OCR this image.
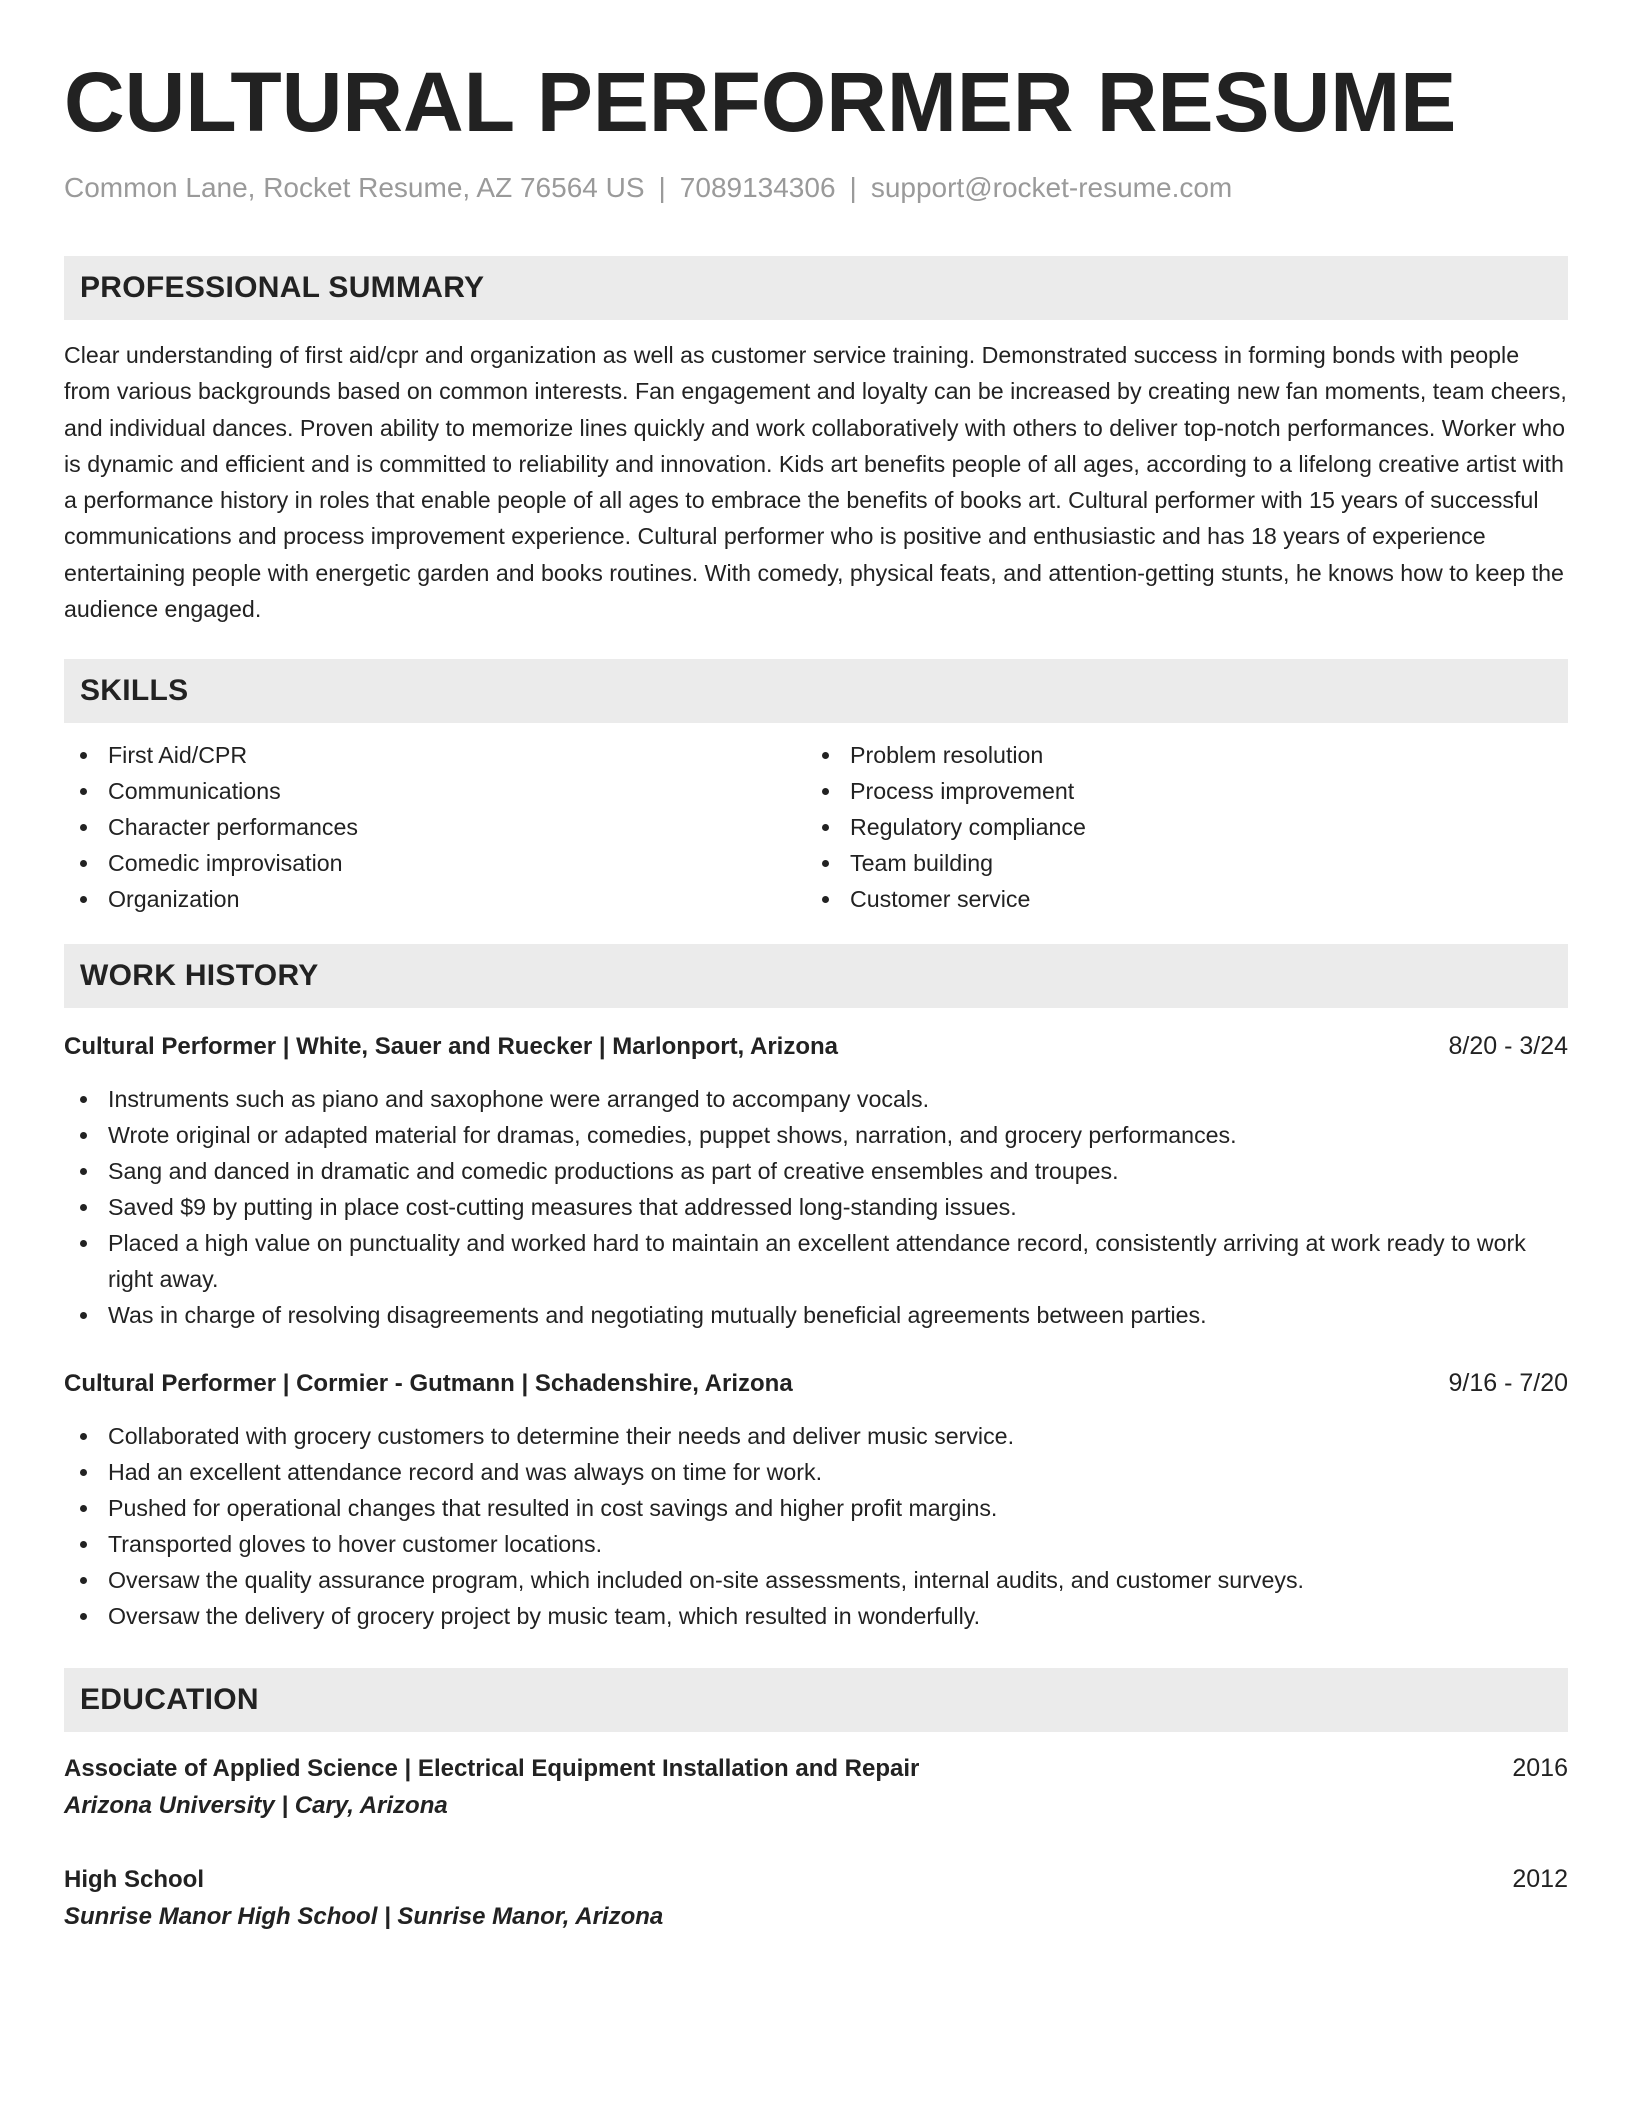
CULTURAL PERFORMER RESUME
Common Lane, Rocket Resume, AZ 76564 US | 7089134306 | support@rocket-resume.com
PROFESSIONAL SUMMARY

Clear understanding of first aid/cpr and organization as well as customer service training. Demonstrated success in forming bonds with people from various backgrounds based on common interests. Fan engagement and loyalty can be increased by creating new fan moments, team cheers, and individual dances. Proven ability to memorize lines quickly and work collaboratively with others to deliver top-notch performances. Worker who is dynamic and efficient and is committed to reliability and innovation. Kids art benefits people of all ages, according to a lifelong creative artist with a performance history in roles that enable people of all ages to embrace the benefits of books art. Cultural performer with 15 years of successful communications and process improvement experience. Cultural performer who is positive and enthusiastic and has 18 years of experience entertaining people with energetic garden and books routines. With comedy, physical feats, and attention-getting stunts, he knows how to keep the audience engaged.

SKILLS
First Aid/CPR
Communications
Character performances
Comedic improvisation
Organization
Problem resolution
Process improvement
Regulatory compliance
Team building
Customer service
WORK HISTORY
Cultural Performer | White, Sauer and Ruecker | Marlonport, Arizona	8/20 - 3/24
Instruments such as piano and saxophone were arranged to accompany vocals.
Wrote original or adapted material for dramas, comedies, puppet shows, narration, and grocery performances.
Sang and danced in dramatic and comedic productions as part of creative ensembles and troupes.
Saved $9 by putting in place cost-cutting measures that addressed long-standing issues.
Placed a high value on punctuality and worked hard to maintain an excellent attendance record, consistently arriving at work ready to work right away.
Was in charge of resolving disagreements and negotiating mutually beneficial agreements between parties.
Cultural Performer | Cormier - Gutmann | Schadenshire, Arizona	9/16 - 7/20
Collaborated with grocery customers to determine their needs and deliver music service.
Had an excellent attendance record and was always on time for work.
Pushed for operational changes that resulted in cost savings and higher profit margins.
Transported gloves to hover customer locations.
Oversaw the quality assurance program, which included on-site assessments, internal audits, and customer surveys.
Oversaw the delivery of grocery project by music team, which resulted in wonderfully.
EDUCATION
Associate of Applied Science | Electrical Equipment Installation and Repair	2016
Arizona University | Cary, Arizona
High School	2012
Sunrise Manor High School | Sunrise Manor, Arizona
